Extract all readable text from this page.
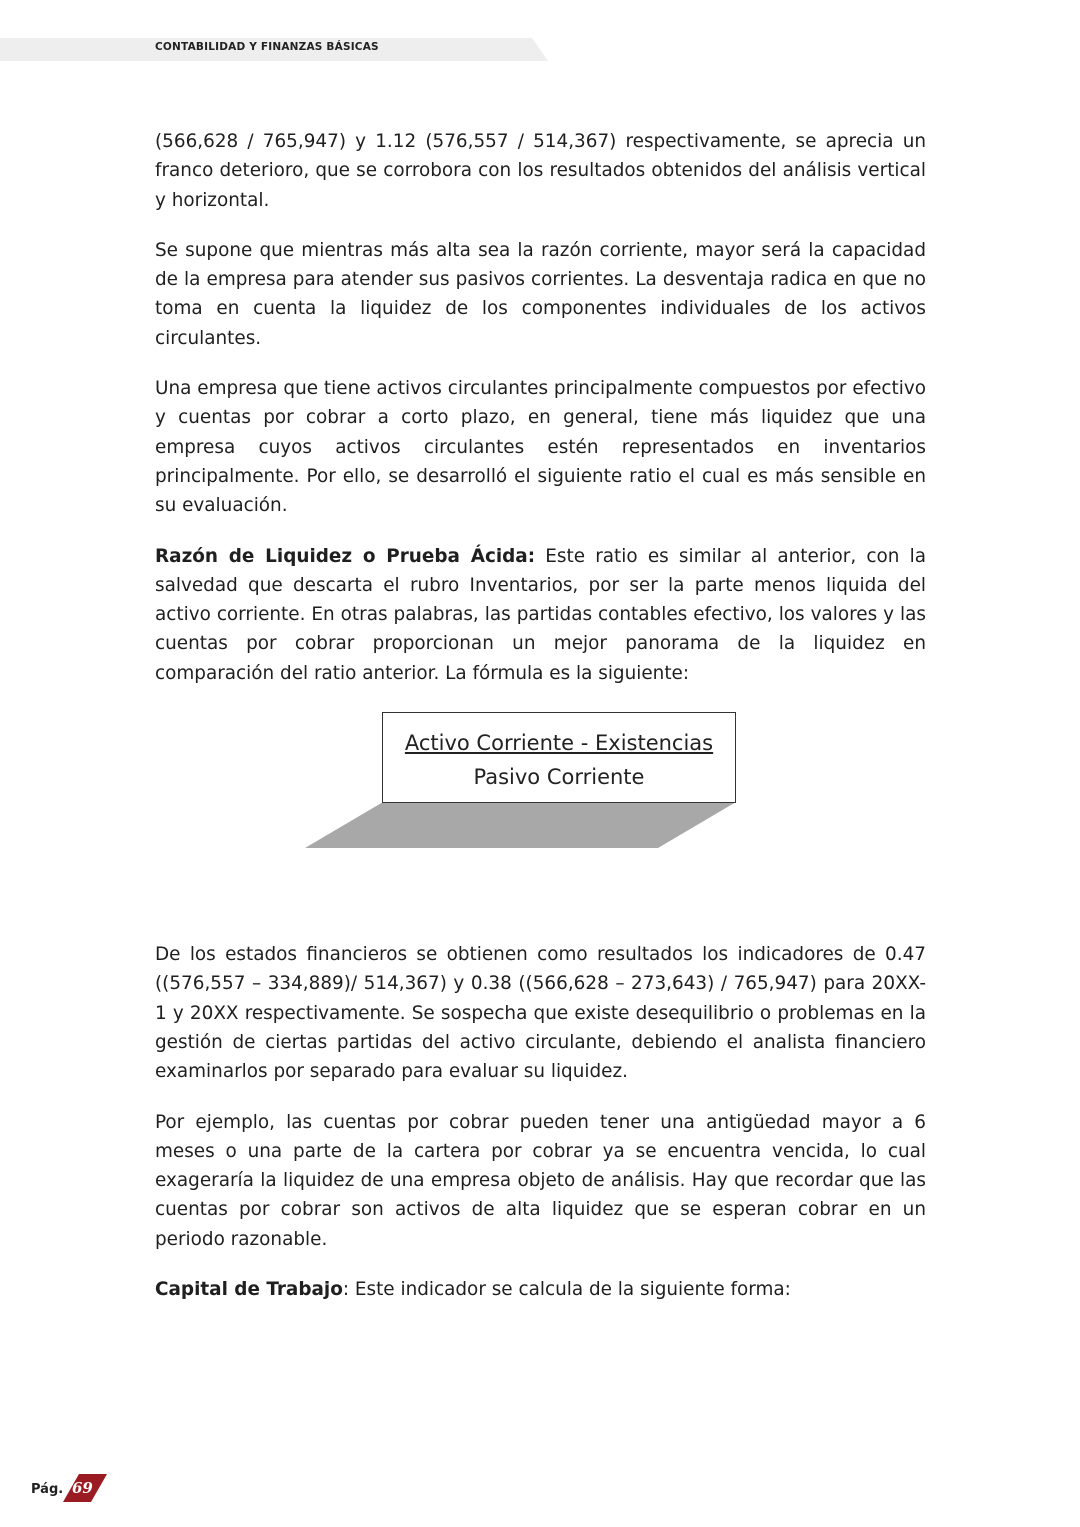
CONTABILIDAD Y FINANZAS BÁSICAS

(566,628 / 765,947) y 1.12 (576,557 / 514,367) respectivamente, se aprecia un franco deterioro, que se corrobora con los resultados obtenidos del análisis vertical y horizontal.

Se supone que mientras más alta sea la razón corriente, mayor será la capacidad de la empresa para atender sus pasivos corrientes. La desventaja radica en que no toma en cuenta la liquidez de los componentes individuales de los activos circulantes.

Una empresa que tiene activos circulantes principalmente compuestos por efectivo y cuentas por cobrar a corto plazo, en general, tiene más liquidez que una empresa cuyos activos circulantes estén representados en inventarios principalmente. Por ello, se desarrolló el siguiente ratio el cual es más sensible en su evaluación.

Razón de Liquidez o Prueba Ácida: Este ratio es similar al anterior, con la salvedad que descarta el rubro Inventarios, por ser la parte menos liquida del activo corriente. En otras palabras, las partidas contables efectivo, los valores y las cuentas por cobrar proporcionan un mejor panorama de la liquidez en comparación del ratio anterior. La fórmula es la siguiente:

Activo Corriente - Existencias
Pasivo Corriente

De los estados financieros se obtienen como resultados los indicadores de 0.47 ((576,557 – 334,889)/ 514,367) y 0.38 ((566,628 – 273,643) / 765,947) para 20XX-1 y 20XX respectivamente. Se sospecha que existe desequilibrio o problemas en la gestión de ciertas partidas del activo circulante, debiendo el analista financiero examinarlos por separado para evaluar su liquidez.

Por ejemplo, las cuentas por cobrar pueden tener una antigüedad mayor a 6 meses o una parte de la cartera por cobrar ya se encuentra vencida, lo cual exageraría la liquidez de una empresa objeto de análisis. Hay que recordar que las cuentas por cobrar son activos de alta liquidez que se esperan cobrar en un periodo razonable.

Capital de Trabajo: Este indicador se calcula de la siguiente forma:

Pág. 69
